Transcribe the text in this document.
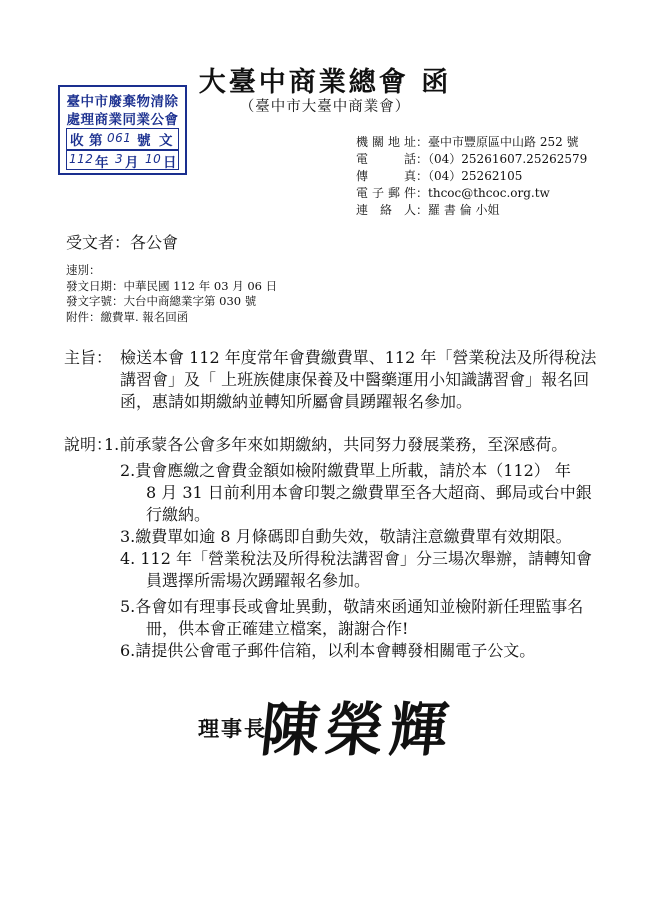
臺中市廢棄物清除
處理商業同業公會
收 第 061 號 文
112 年 3 月 10 日
大臺中商業總會 函
（臺中市大臺中商業會）
機關地址：臺中市豐原區中山路 252 號
電話：（04）25261607.25262579
傳真：（04）25262105
電子郵件：thcoc@thcoc.org.tw
連絡人：羅 書 倫 小姐
受文者：各公會
速別：
發文日期：中華民國 112 年 03 月 06 日
發文字號：大台中商總業字第 030 號
附件：繳費單. 報名回函
主旨： 檢送本會 112 年度常年會費繳費單、112 年「營業稅法及所得稅法
講習會」及「 上班族健康保養及中醫藥運用小知識講習會」報名回
函，惠請如期繳納並轉知所屬會員踴躍報名參加。
說明：
1.前承蒙各公會多年來如期繳納，共同努力發展業務，至深感荷。
2.貴會應繳之會費金額如檢附繳費單上所載，請於本（112） 年
8 月 31 日前利用本會印製之繳費單至各大超商、郵局或台中銀
行繳納。
3.繳費單如逾 8 月條碼即自動失效，敬請注意繳費單有效期限。
4. 112 年「營業稅法及所得稅法講習會」分三場次舉辦，請轉知會
員選擇所需場次踴躍報名參加。
5.各會如有理事長或會址異動，敬請來函通知並檢附新任理監事名
冊，供本會正確建立檔案，謝謝合作!
6.請提供公會電子郵件信箱，以利本會轉發相關電子公文。
理事長
陳榮輝
